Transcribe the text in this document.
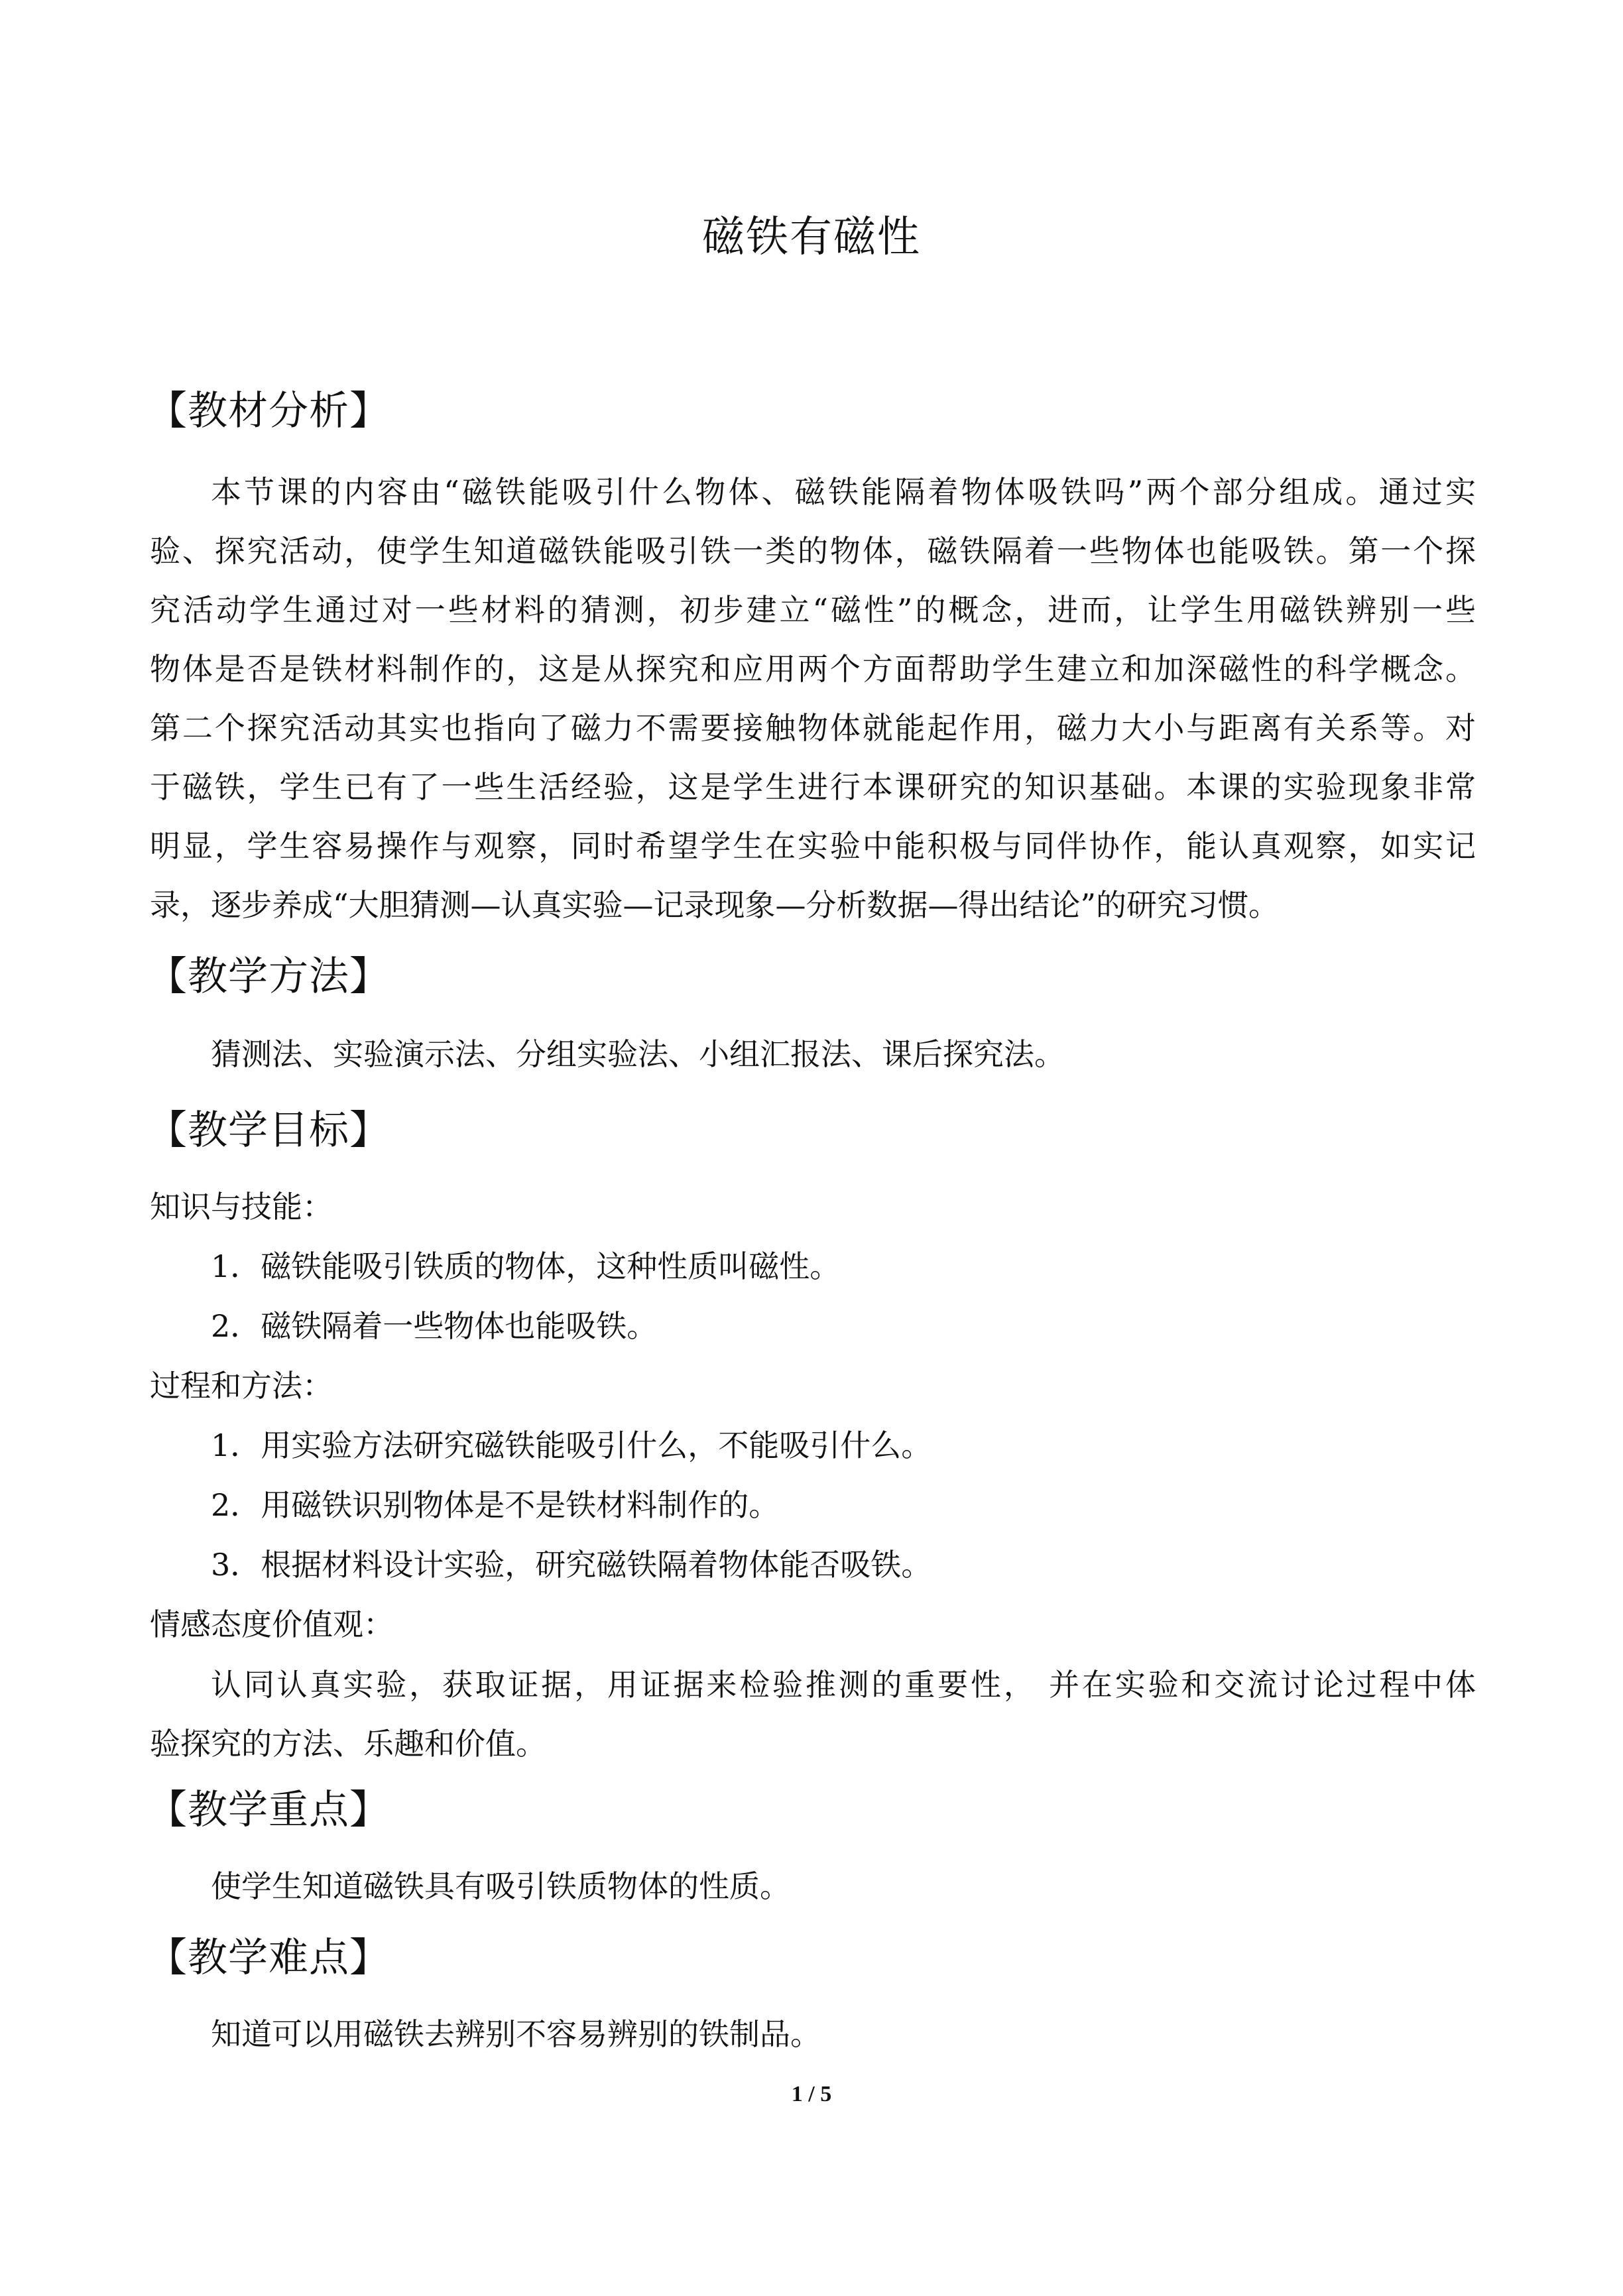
磁铁有磁性
【教材分析】
本节课的内容由“磁铁能吸引什么物体、磁铁能隔着物体吸铁吗”两个部分组成。通过实
验、探究活动，使学生知道磁铁能吸引铁一类的物体，磁铁隔着一些物体也能吸铁。第一个探
究活动学生通过对一些材料的猜测，初步建立“磁性”的概念，进而，让学生用磁铁辨别一些
物体是否是铁材料制作的，这是从探究和应用两个方面帮助学生建立和加深磁性的科学概念。
第二个探究活动其实也指向了磁力不需要接触物体就能起作用，磁力大小与距离有关系等。对
于磁铁，学生已有了一些生活经验，这是学生进行本课研究的知识基础。本课的实验现象非常
明显，学生容易操作与观察，同时希望学生在实验中能积极与同伴协作，能认真观察，如实记
录，逐步养成“大胆猜测—认真实验—记录现象—分析数据—得出结论”的研究习惯。
【教学方法】
猜测法、实验演示法、分组实验法、小组汇报法、课后探究法。
【教学目标】
知识与技能：
1．磁铁能吸引铁质的物体，这种性质叫磁性。
2．磁铁隔着一些物体也能吸铁。
过程和方法：
1．用实验方法研究磁铁能吸引什么，不能吸引什么。
2．用磁铁识别物体是不是铁材料制作的。
3．根据材料设计实验，研究磁铁隔着物体能否吸铁。
情感态度价值观：
认同认真实验，获取证据，用证据来检验推测的重要性， 并在实验和交流讨论过程中体
验探究的方法、乐趣和价值。
【教学重点】
使学生知道磁铁具有吸引铁质物体的性质。
【教学难点】
知道可以用磁铁去辨别不容易辨别的铁制品。
1 / 5
